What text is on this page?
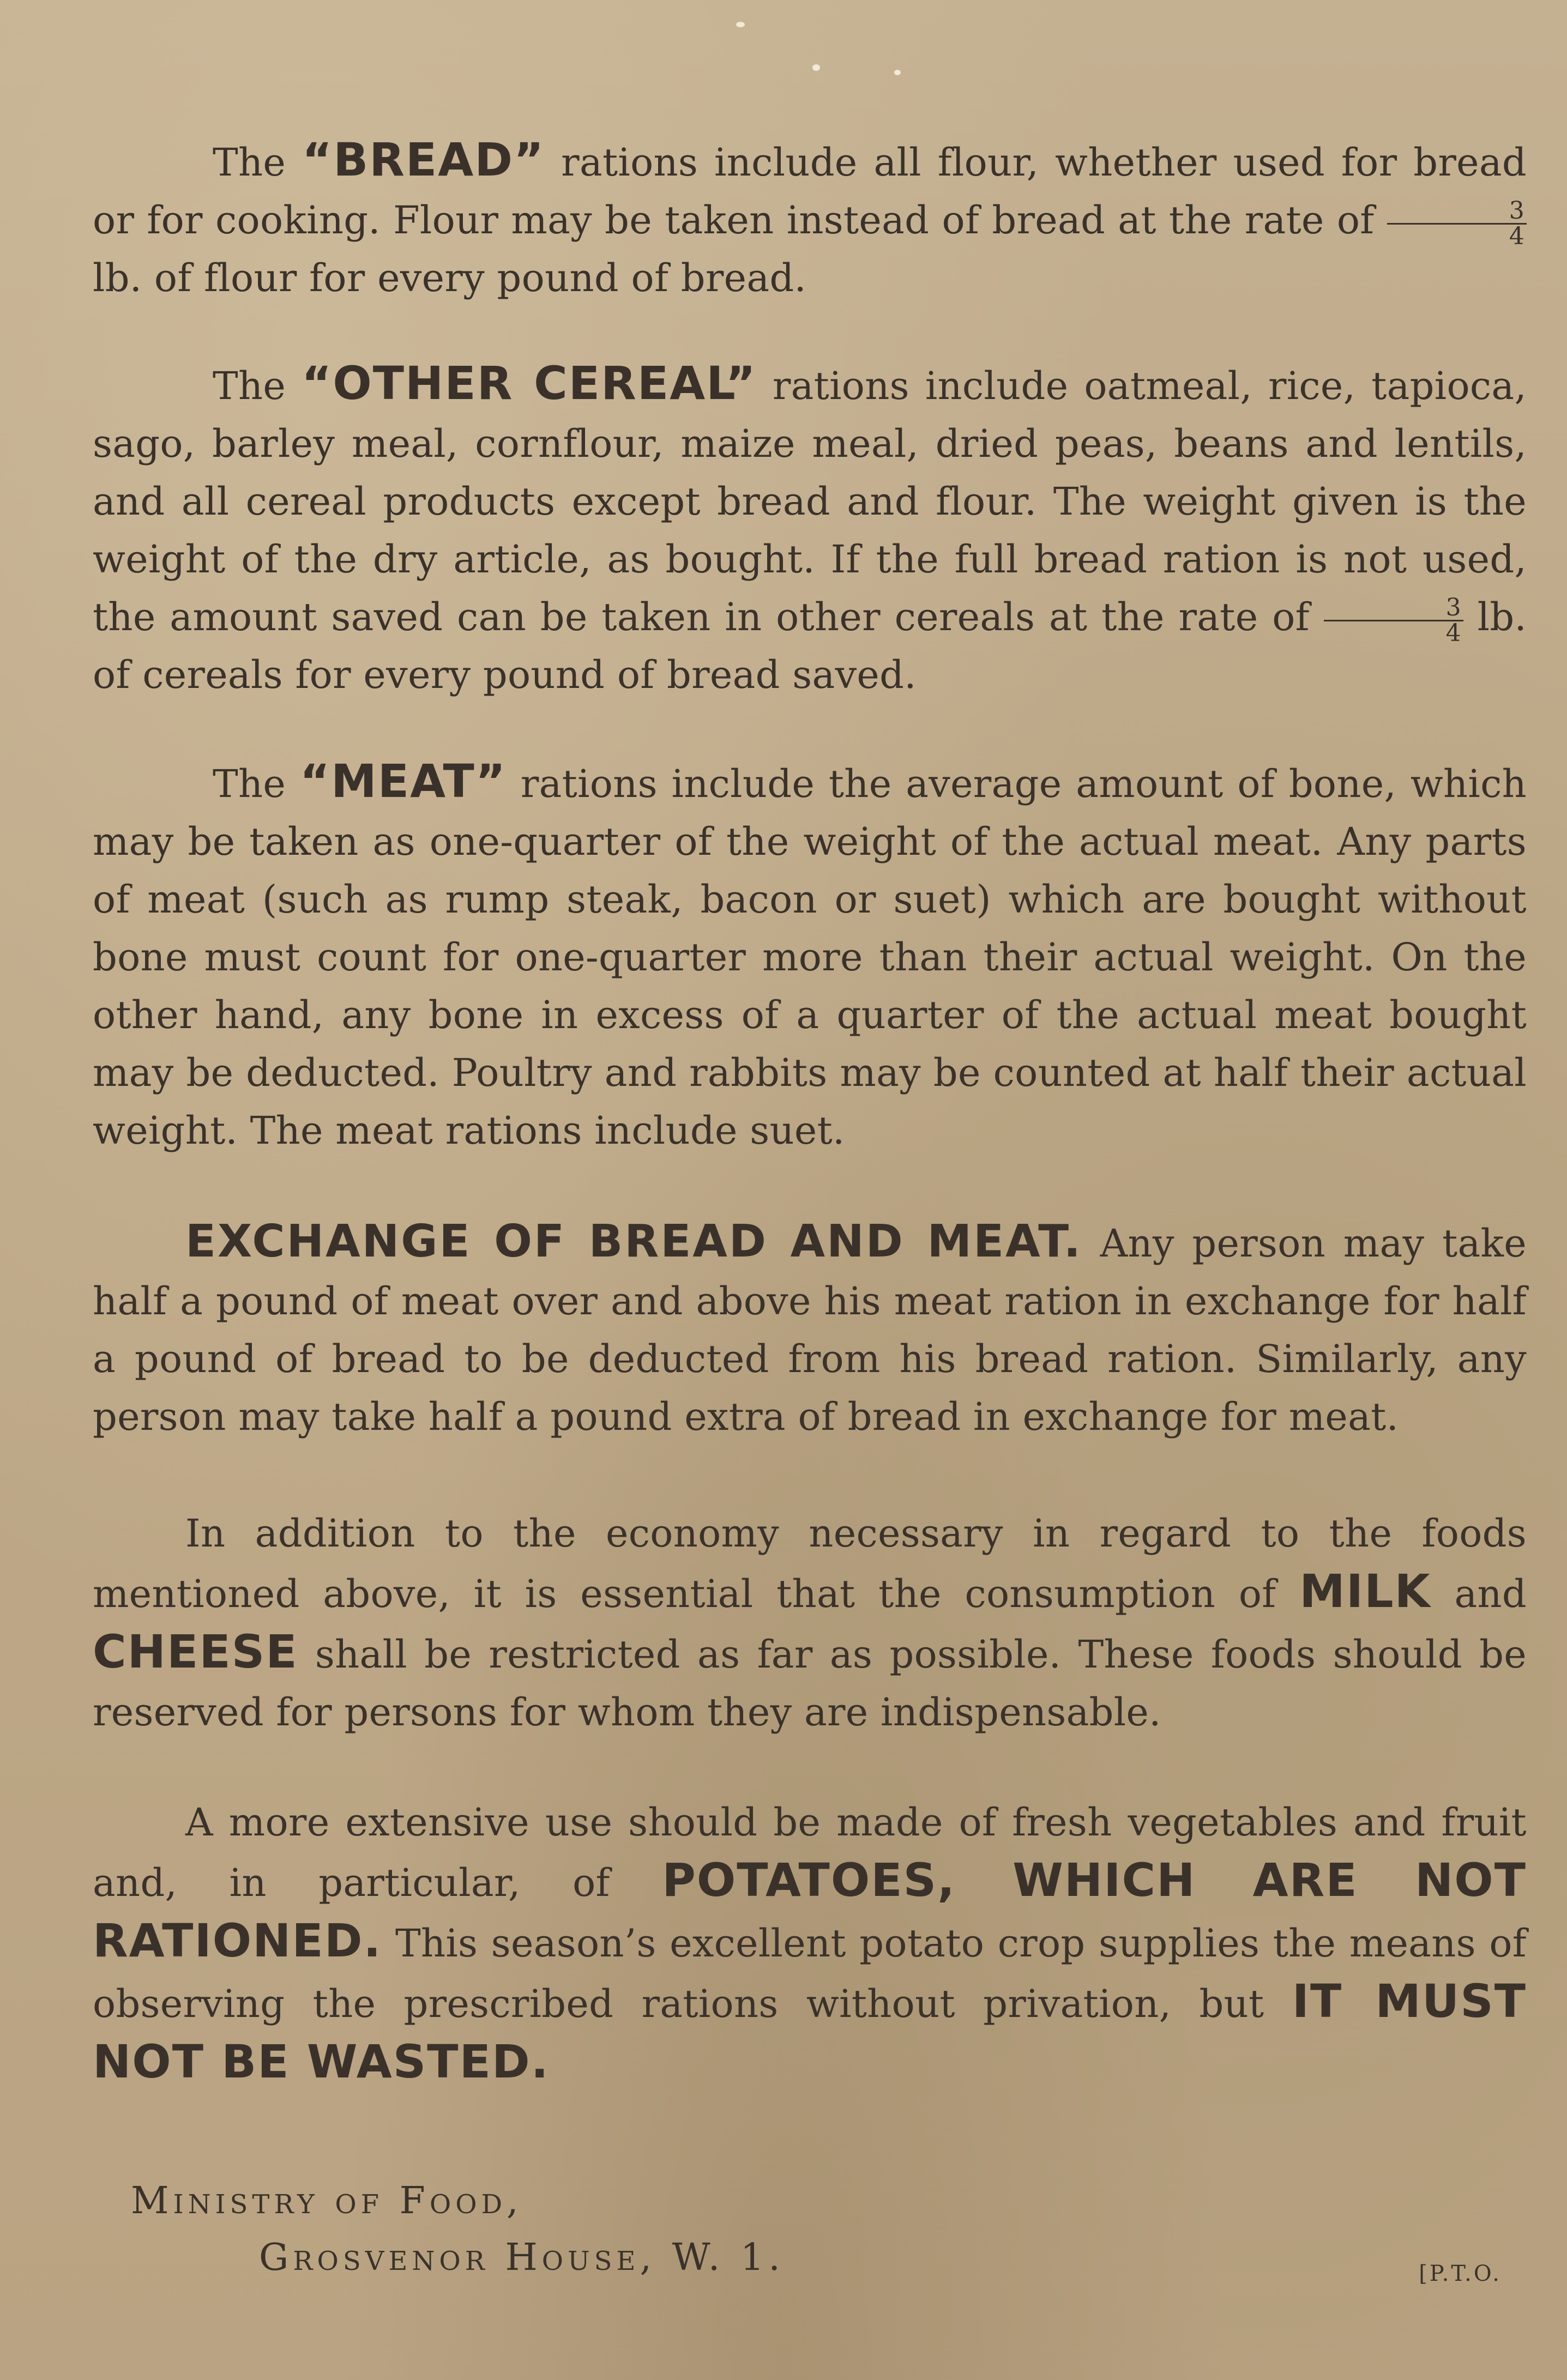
The “BREAD” rations include all flour, whether used for bread or for cooking. Flour may be taken instead of bread at the rate of $\frac{3}{4}$
lb. of flour for every pound of bread.

The “OTHER CEREAL” rations include oatmeal, rice, tapioca, sago, barley meal, cornflour, maize meal, dried peas, beans and lentils, and all cereal products except bread and flour. The weight given is the weight of the dry article, as bought. If the full bread ration is not used, the amount saved can be taken in other cereals at the rate of $\frac{3}{4}$ lb. of cereals for every pound of bread saved.

The “MEAT” rations include the average amount of bone, which may be taken as one-quarter of the weight of the actual meat. Any parts of meat (such as rump steak, bacon or suet) which are bought without bone must count for one-quarter more than their actual weight. On the other hand, any bone in excess of a quarter of the actual meat bought may be deducted. Poultry and rabbits may be counted at half their actual weight. The meat rations include suet.

EXCHANGE OF BREAD AND MEAT. Any person may take half a pound of meat over and above his meat ration in exchange for half a pound of bread to be deducted from his bread ration. Similarly, any person may take half a pound extra of bread in exchange for meat.

In addition to the economy necessary in regard to the foods mentioned above, it is essential that the consumption of MILK and CHEESE shall be restricted as far as possible. These foods should be reserved for persons for whom they are indispensable.

A more extensive use should be made of fresh vegetables and fruit and, in particular, of POTATOES, WHICH ARE NOT RATIONED. This season’s excellent potato crop supplies the means of observing the prescribed rations without privation, but IT MUST NOT BE WASTED.

Ministry of Food,
Grosvenor House, W. 1.	[P.T.O.
